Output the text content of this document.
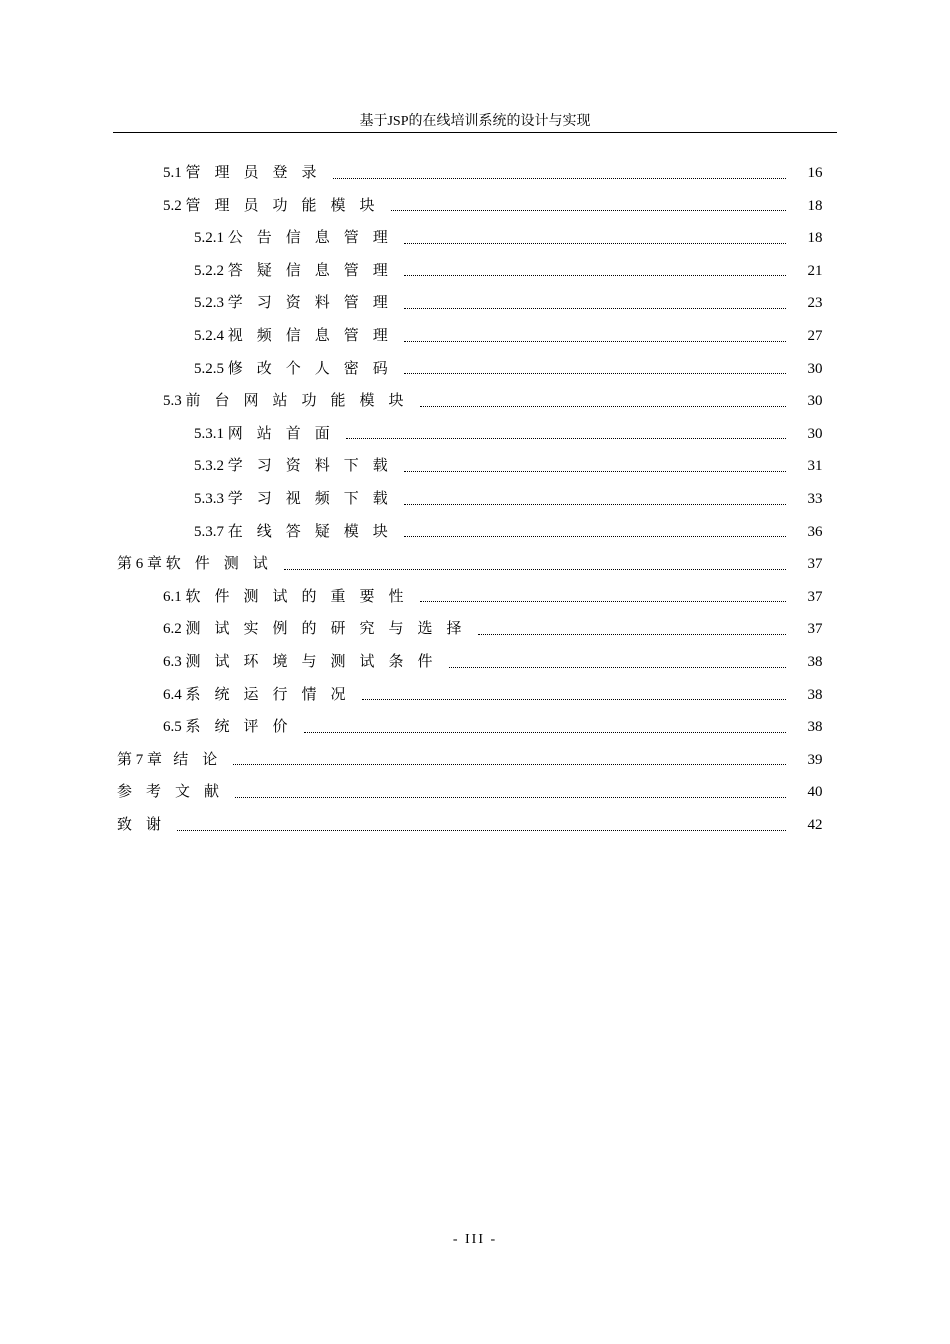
基于JSP的在线培训系统的设计与实现
5.1 管理员登录	16
5.2 管理员功能模块	18
5.2.1 公告信息管理	18
5.2.2 答疑信息管理	21
5.2.3 学习资料管理	23
5.2.4 视频信息管理	27
5.2.5 修改个人密码	30
5.3 前台网站功能模块	30
5.3.1 网站首面	30
5.3.2 学习资料下载	31
5.3.3 学习视频下载	33
5.3.7 在线答疑模块	36
第 6 章 软件测试	37
6.1 软件测试的重要性	37
6.2 测试实例的研究与选择	37
6.3 测试环境与测试条件	38
6.4 系统运行情况	38
6.5 系统评价	38
第 7 章 结论	39
参考文献	40
致谢	42
- III -
